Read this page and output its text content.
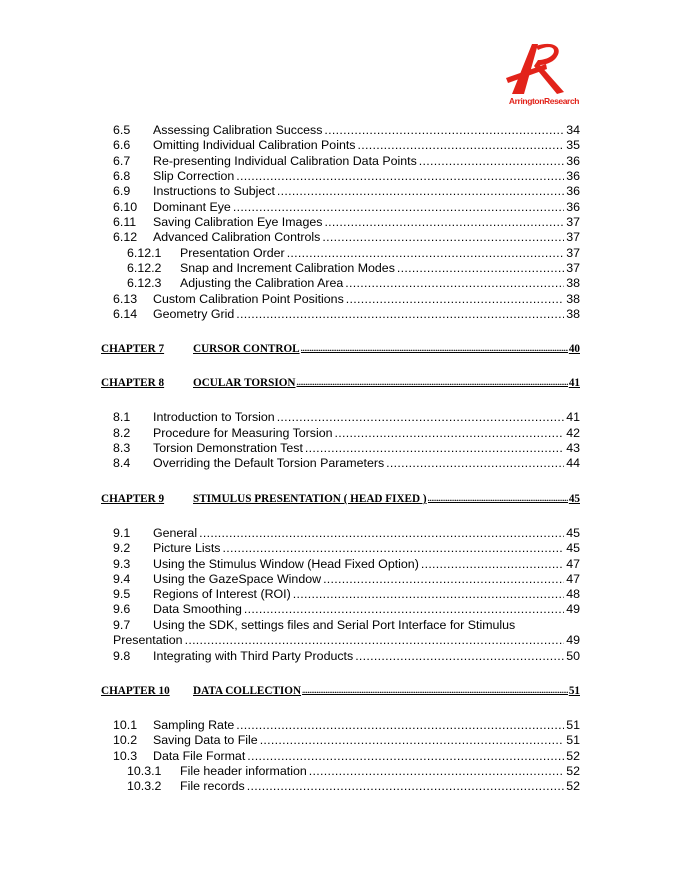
ArringtonResearch
6.5	Assessing Calibration Success .....	34
6.6	Omitting Individual Calibration Points .....	35
6.7	Re-presenting Individual Calibration Data Points .....	36
6.8	Slip Correction .....	36
6.9	Instructions to Subject .....	36
6.10	Dominant Eye .....	36
6.11	Saving Calibration Eye Images .....	37
6.12	Advanced Calibration Controls .....	37
6.12.1	Presentation Order .....	37
6.12.2	Snap and Increment Calibration Modes .....	37
6.12.3	Adjusting the Calibration Area .....	38
6.13	Custom Calibration Point Positions .....	38
6.14	Geometry Grid .....	38
CHAPTER 7	CURSOR CONTROL .....	40
CHAPTER 8	OCULAR TORSION .....	41
8.1	Introduction to Torsion .....	41
8.2	Procedure for Measuring Torsion .....	42
8.3	Torsion Demonstration Test .....	43
8.4	Overriding the Default Torsion Parameters .....	44
CHAPTER 9	STIMULUS PRESENTATION ( HEAD FIXED ) .....	45
9.1	General .....	45
9.2	Picture Lists .....	45
9.3	Using the Stimulus Window (Head Fixed Option) .....	47
9.4	Using the GazeSpace Window .....	47
9.5	Regions of Interest (ROI) .....	48
9.6	Data Smoothing .....	49
9.7	Using the SDK, settings files and Serial Port Interface for Stimulus
Presentation .....	49
9.8	Integrating with Third Party Products .....	50
CHAPTER 10	DATA COLLECTION .....	51
10.1	Sampling Rate .....	51
10.2	Saving Data to File .....	51
10.3	Data File Format .....	52
10.3.1	File header information .....	52
10.3.2	File records .....	52
